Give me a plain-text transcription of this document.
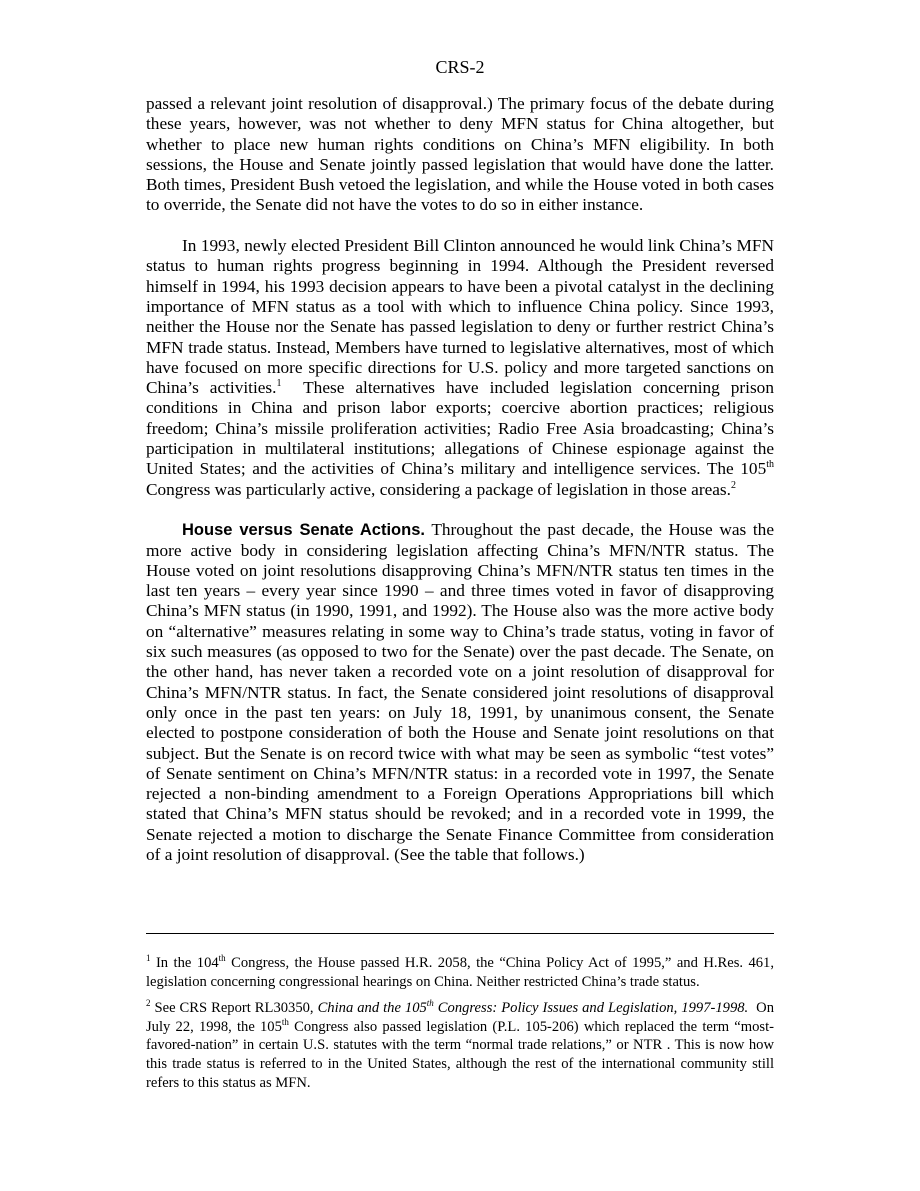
CRS-2

passed a relevant joint resolution of disapproval.) The primary focus of the debate during these years, however, was not whether to deny MFN status for China altogether, but whether to place new human rights conditions on China’s MFN eligibility. In both sessions, the House and Senate jointly passed legislation that would have done the latter. Both times, President Bush vetoed the legislation, and while the House voted in both cases to override, the Senate did not have the votes to do so in either instance.

In 1993, newly elected President Bill Clinton announced he would link China’s MFN status to human rights progress beginning in 1994. Although the President reversed himself in 1994, his 1993 decision appears to have been a pivotal catalyst in the declining importance of MFN status as a tool with which to influence China policy. Since 1993, neither the House nor the Senate has passed legislation to deny or further restrict China’s MFN trade status. Instead, Members have turned to legislative alternatives, most of which have focused on more specific directions for U.S. policy and more targeted sanctions on China’s activities.$^1$ These alternatives have included legislation concerning prison conditions in China and prison labor exports; coercive abortion practices; religious freedom; China’s missile proliferation activities; Radio Free Asia broadcasting; China’s participation in multilateral institutions; allegations of Chinese espionage against the United States; and the activities of China’s military and intelligence services. The 105th Congress was particularly active, considering a package of legislation in those areas.$^2$

House versus Senate Actions. Throughout the past decade, the House was the more active body in considering legislation affecting China’s MFN/NTR status. The House voted on joint resolutions disapproving China’s MFN/NTR status ten times in the last ten years – every year since 1990 – and three times voted in favor of disapproving China’s MFN status (in 1990, 1991, and 1992). The House also was the more active body on “alternative” measures relating in some way to China’s trade status, voting in favor of six such measures (as opposed to two for the Senate) over the past decade. The Senate, on the other hand, has never taken a recorded vote on a joint resolution of disapproval for China’s MFN/NTR status. In fact, the Senate considered joint resolutions of disapproval only once in the past ten years: on July 18, 1991, by unanimous consent, the Senate elected to postpone consideration of both the House and Senate joint resolutions on that subject. But the Senate is on record twice with what may be seen as symbolic “test votes” of Senate sentiment on China’s MFN/NTR status: in a recorded vote in 1997, the Senate rejected a non-binding amendment to a Foreign Operations Appropriations bill which stated that China’s MFN status should be revoked; and in a recorded vote in 1999, the Senate rejected a motion to discharge the Senate Finance Committee from consideration of a joint resolution of disapproval. (See the table that follows.)

$^1$ In the 104th Congress, the House passed H.R. 2058, the “China Policy Act of 1995,” and H.Res. 461, legislation concerning congressional hearings on China. Neither restricted China’s trade status.

$^2$ See CRS Report RL30350, China and the 105th Congress: Policy Issues and Legislation, 1997-1998. On July 22, 1998, the 105th Congress also passed legislation (P.L. 105-206) which replaced the term “most-favored-nation” in certain U.S. statutes with the term “normal trade relations,” or NTR . This is now how this trade status is referred to in the United States, although the rest of the international community still refers to this status as MFN.
